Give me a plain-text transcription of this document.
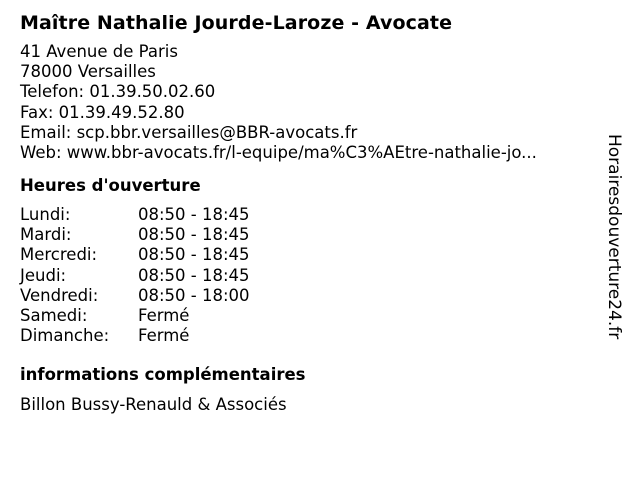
Maître Nathalie Jourde-Laroze - Avocate
41 Avenue de Paris
78000 Versailles
Telefon: 01.39.50.02.60
Fax: 01.39.49.52.80
Email: scp.bbr.versailles@BBR-avocats.fr
Web: www.bbr-avocats.fr/l-equipe/ma%C3%AEtre-nathalie-jo...
Heures d'ouverture
Lundi:	08:50 - 18:45
Mardi:	08:50 - 18:45
Mercredi:	08:50 - 18:45
Jeudi:	08:50 - 18:45
Vendredi:	08:50 - 18:00
Samedi:	Fermé
Dimanche:	Fermé
informations complémentaires
Billon Bussy-Renauld & Associés
Horairesdouverture24.fr
